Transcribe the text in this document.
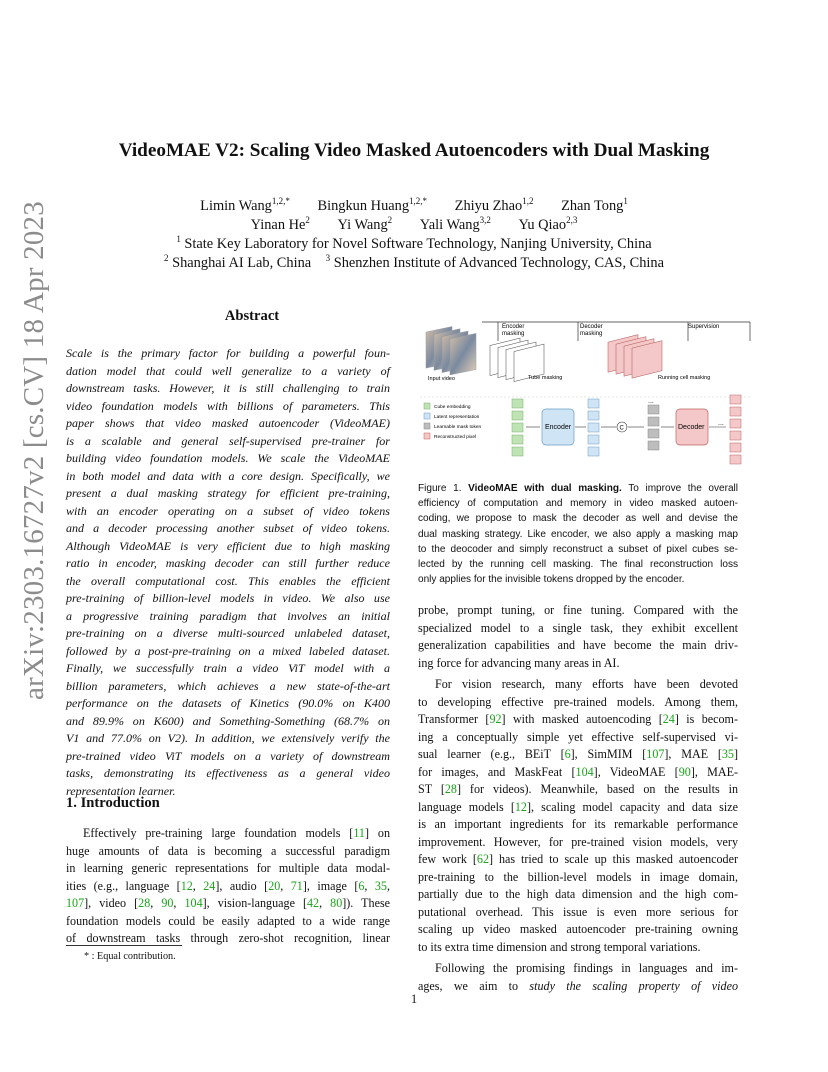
arXiv:2303.16727v2 [cs.CV] 18 Apr 2023
VideoMAE V2: Scaling Video Masked Autoencoders with Dual Masking
Limin Wang$^{1,2,*}$ Bingkun Huang$^{1,2,*}$ Zhiyu Zhao$^{1,2}$ Zhan Tong$^1$
Yinan He$^2$ Yi Wang$^2$ Yali Wang$^{3,2}$ Yu Qiao$^{2,3}$
$^1$ State Key Laboratory for Novel Software Technology, Nanjing University, China
$^2$ Shanghai AI Lab, China $^3$ Shenzhen Institute of Advanced Technology, CAS, China
Abstract
Scale is the primary factor for building a powerful foun-
dation model that could well generalize to a variety of
downstream tasks. However, it is still challenging to train
video foundation models with billions of parameters. This
paper shows that video masked autoencoder (VideoMAE)
is a scalable and general self-supervised pre-trainer for
building video foundation models. We scale the VideoMAE
in both model and data with a core design. Specifically, we
present a dual masking strategy for efficient pre-training,
with an encoder operating on a subset of video tokens
and a decoder processing another subset of video tokens.
Although VideoMAE is very efficient due to high masking
ratio in encoder, masking decoder can still further reduce
the overall computational cost. This enables the efficient
pre-training of billion-level models in video. We also use
a progressive training paradigm that involves an initial
pre-training on a diverse multi-sourced unlabeled dataset,
followed by a post-pre-training on a mixed labeled dataset.
Finally, we successfully train a video ViT model with a
billion parameters, which achieves a new state-of-the-art
performance on the datasets of Kinetics (90.0% on K400
and 89.9% on K600) and Something-Something (68.7% on
V1 and 77.0% on V2). In addition, we extensively verify the
pre-trained video ViT models on a variety of downstream
tasks, demonstrating its effectiveness as a general video
representation learner.
1. Introduction
Effectively pre-training large foundation models [11] on
huge amounts of data is becoming a successful paradigm
in learning generic representations for multiple data modal-
ities (e.g., language [12, 24], audio [20, 71], image [6, 35,
107], video [28, 90, 104], vision-language [42, 80]). These
foundation models could be easily adapted to a wide range
of downstream tasks through zero-shot recognition, linear
* : Equal contribution.
1
Encoder
masking
Decoder
masking
Supervision
Input video	Tube masking	Running cell masking
Cube embedding
Latent representation
Learnable mask token
Reconstructed pixel
Encoder	C
...
Decoder
...
Figure 1. VideoMAE with dual masking. To improve the overall
efficiency of computation and memory in video masked autoen-
coding, we propose to mask the decoder as well and devise the
dual masking strategy. Like encoder, we also apply a masking map
to the deocoder and simply reconstruct a subset of pixel cubes se-
lected by the running cell masking. The final reconstruction loss
only applies for the invisible tokens dropped by the encoder.
probe, prompt tuning, or fine tuning. Compared with the
specialized model to a single task, they exhibit excellent
generalization capabilities and have become the main driv-
ing force for advancing many areas in AI.
For vision research, many efforts have been devoted
to developing effective pre-trained models. Among them,
Transformer [92] with masked autoencoding [24] is becom-
ing a conceptually simple yet effective self-supervised vi-
sual learner (e.g., BEiT [6], SimMIM [107], MAE [35]
for images, and MaskFeat [104], VideoMAE [90], MAE-
ST [28] for videos). Meanwhile, based on the results in
language models [12], scaling model capacity and data size
is an important ingredients for its remarkable performance
improvement. However, for pre-trained vision models, very
few work [62] has tried to scale up this masked autoencoder
pre-training to the billion-level models in image domain,
partially due to the high data dimension and the high com-
putational overhead. This issue is even more serious for
scaling up video masked autoencoder pre-training owning
to its extra time dimension and strong temporal variations.
Following the promising findings in languages and im-
ages, we aim to study the scaling property of video
